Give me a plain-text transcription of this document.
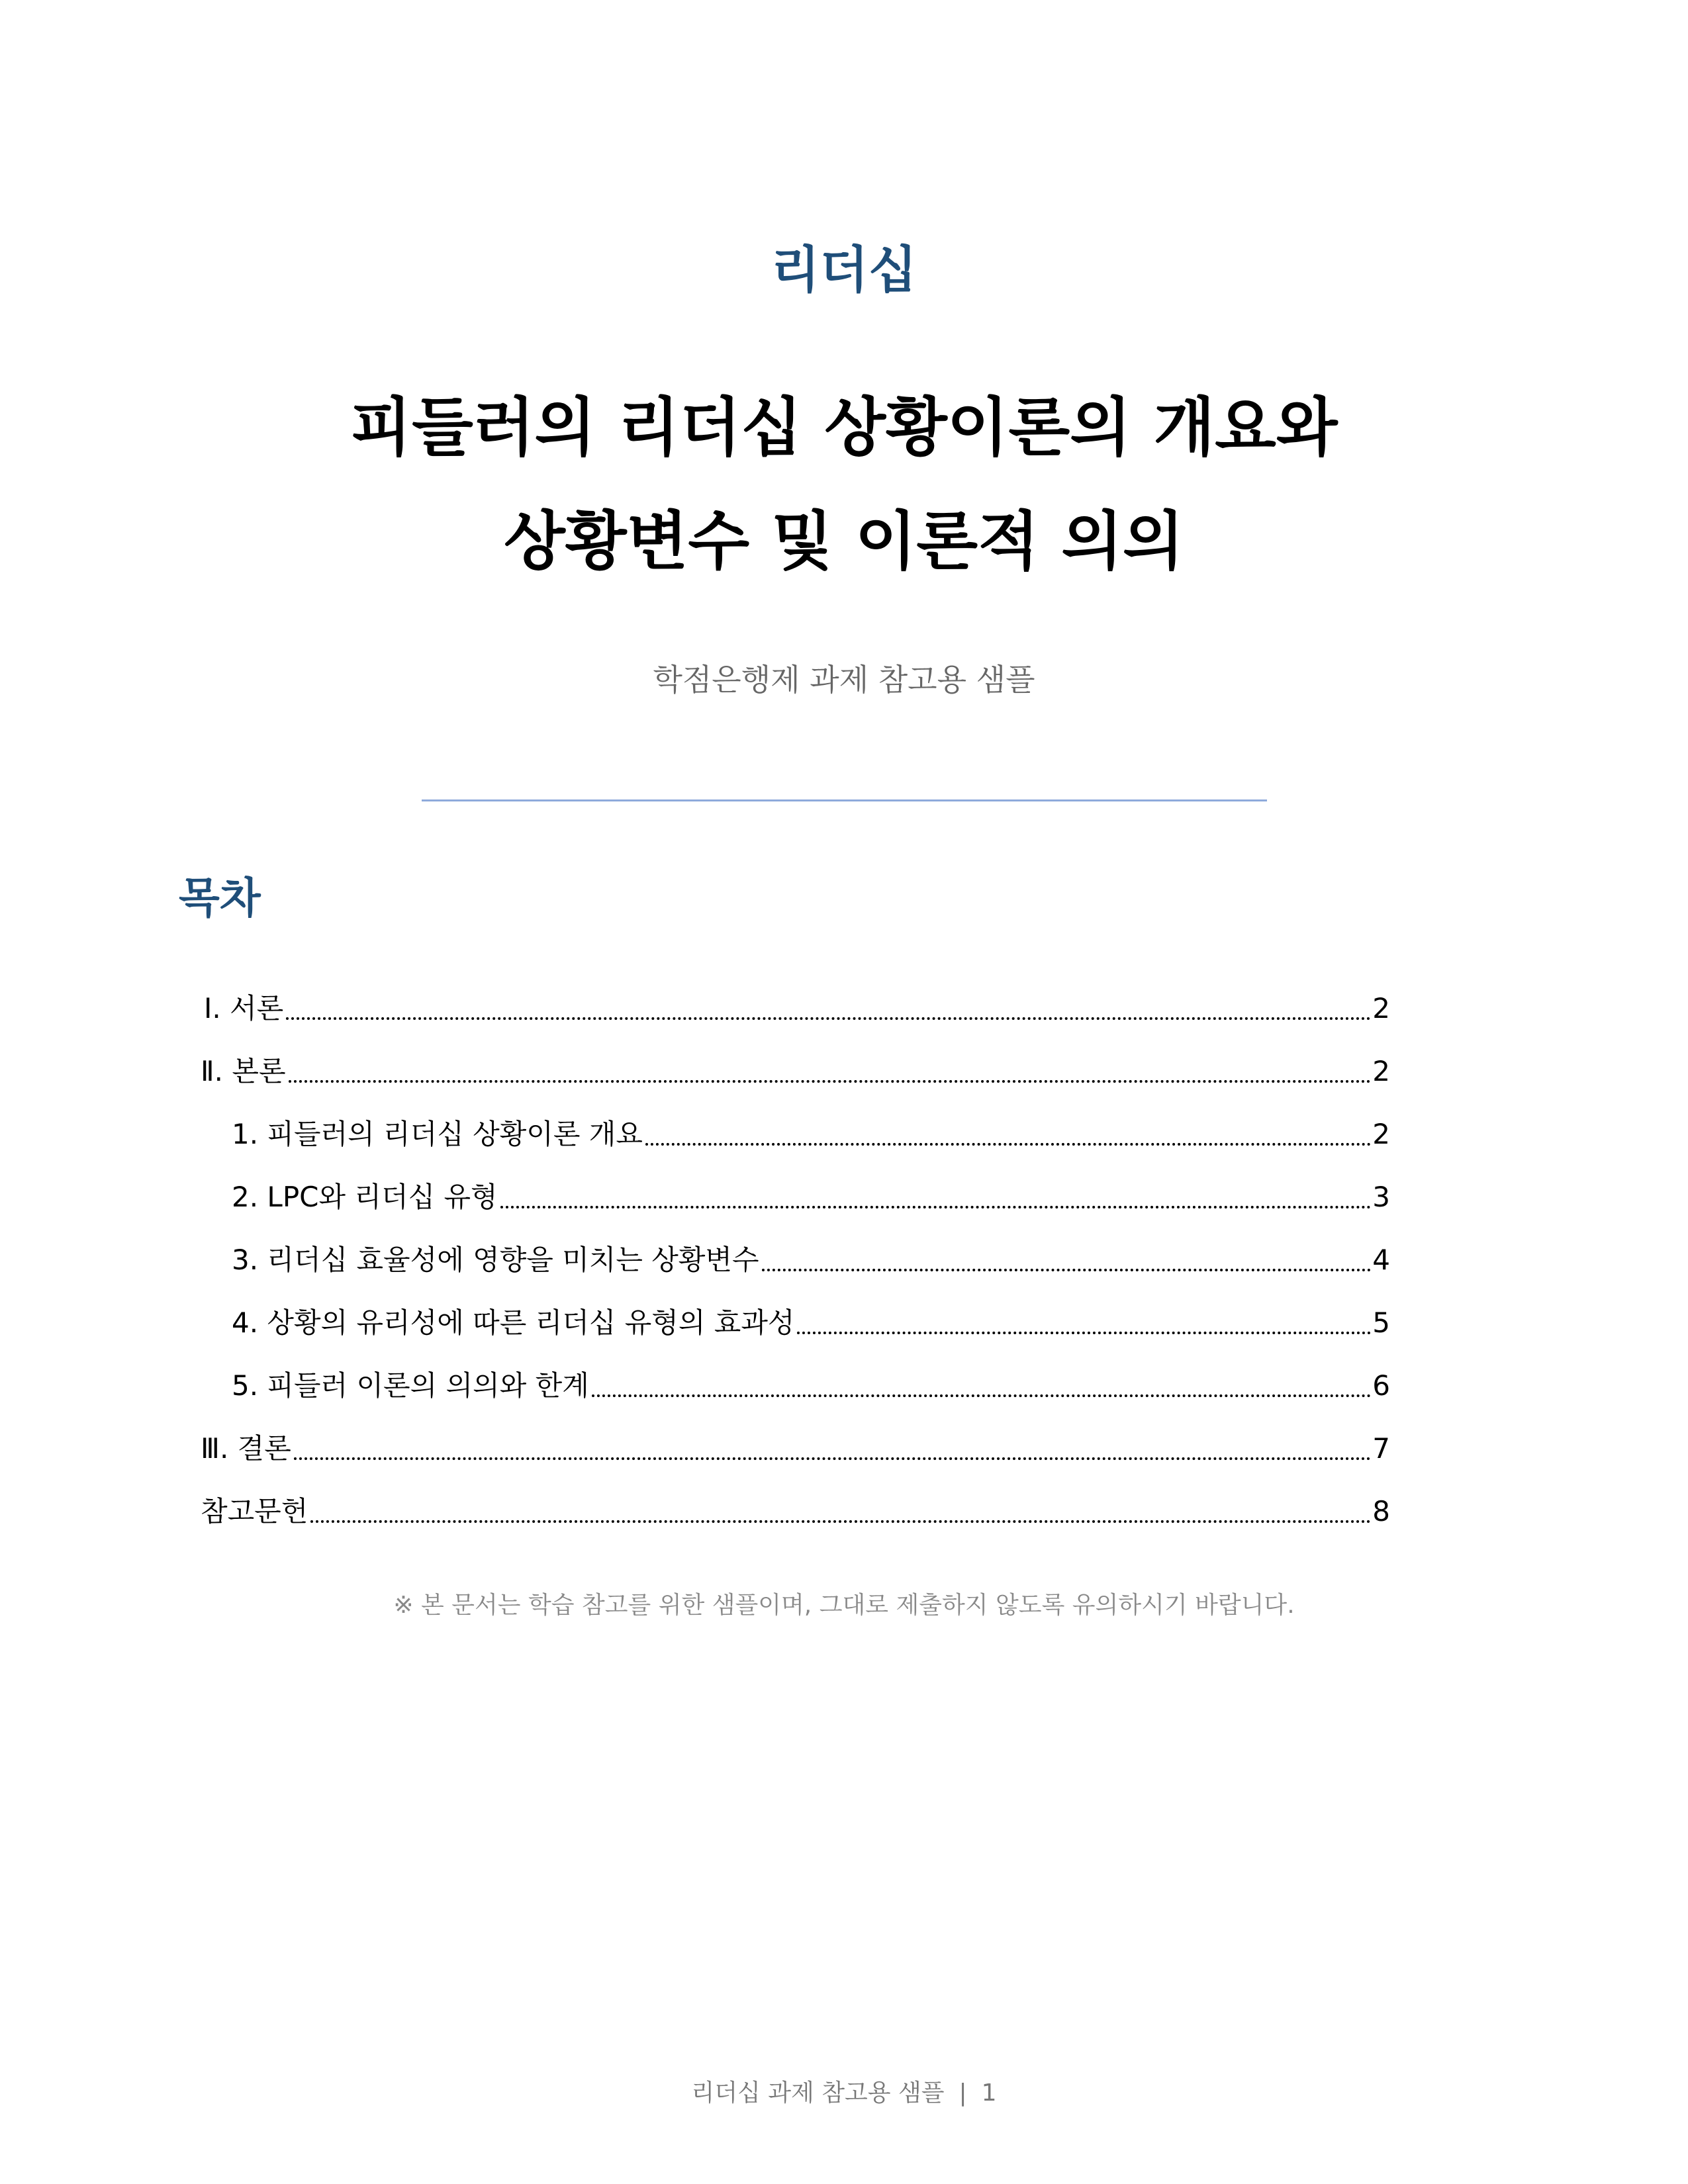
리더십
피들러의 리더십 상황이론의 개요와
상황변수 및 이론적 의의
학점은행제 과제 참고용 샘플
목차
Ⅰ. 서론	2
Ⅱ. 본론	2
1. 피들러의 리더십 상황이론 개요	2
2. LPC와 리더십 유형	3
3. 리더십 효율성에 영향을 미치는 상황변수	4
4. 상황의 유리성에 따른 리더십 유형의 효과성	5
5. 피들러 이론의 의의와 한계	6
Ⅲ. 결론	7
참고문헌	8
※ 본 문서는 학습 참고를 위한 샘플이며, 그대로 제출하지 않도록 유의하시기 바랍니다.
리더십 과제 참고용 샘플 | 1
